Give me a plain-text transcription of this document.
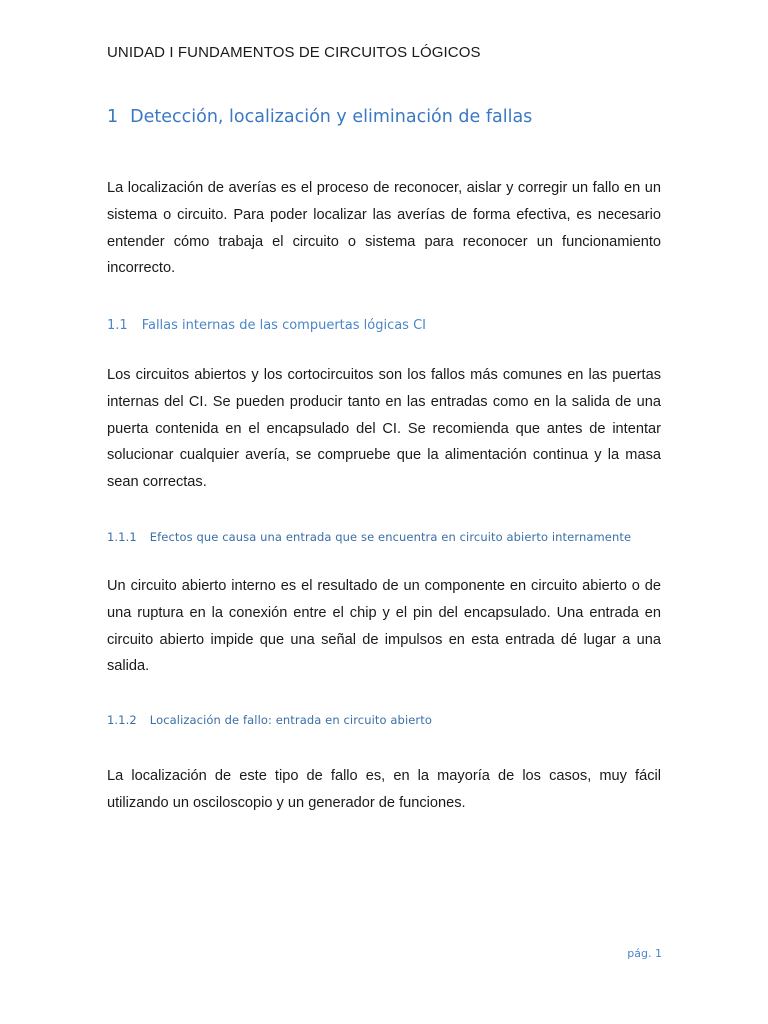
UNIDAD I FUNDAMENTOS DE CIRCUITOS LÓGICOS
1 Detección, localización y eliminación de fallas

La localización de averías es el proceso de reconocer, aislar y corregir un fallo en un sistema o circuito. Para poder localizar las averías de forma efectiva, es necesario entender cómo trabaja el circuito o sistema para reconocer un funcionamiento incorrecto.

1.1 Fallas internas de las compuertas lógicas CI

Los circuitos abiertos y los cortocircuitos son los fallos más comunes en las puertas internas del CI. Se pueden producir tanto en las entradas como en la salida de una puerta contenida en el encapsulado del CI. Se recomienda que antes de intentar solucionar cualquier avería, se compruebe que la alimentación continua y la masa sean correctas.

1.1.1 Efectos que causa una entrada que se encuentra en circuito abierto internamente

Un circuito abierto interno es el resultado de un componente en circuito abierto o de una ruptura en la conexión entre el chip y el pin del encapsulado. Una entrada en circuito abierto impide que una señal de impulsos en esta entrada dé lugar a una salida.

1.1.2 Localización de fallo: entrada en circuito abierto

La localización de este tipo de fallo es, en la mayoría de los casos, muy fácil utilizando un osciloscopio y un generador de funciones.

pág. 1
